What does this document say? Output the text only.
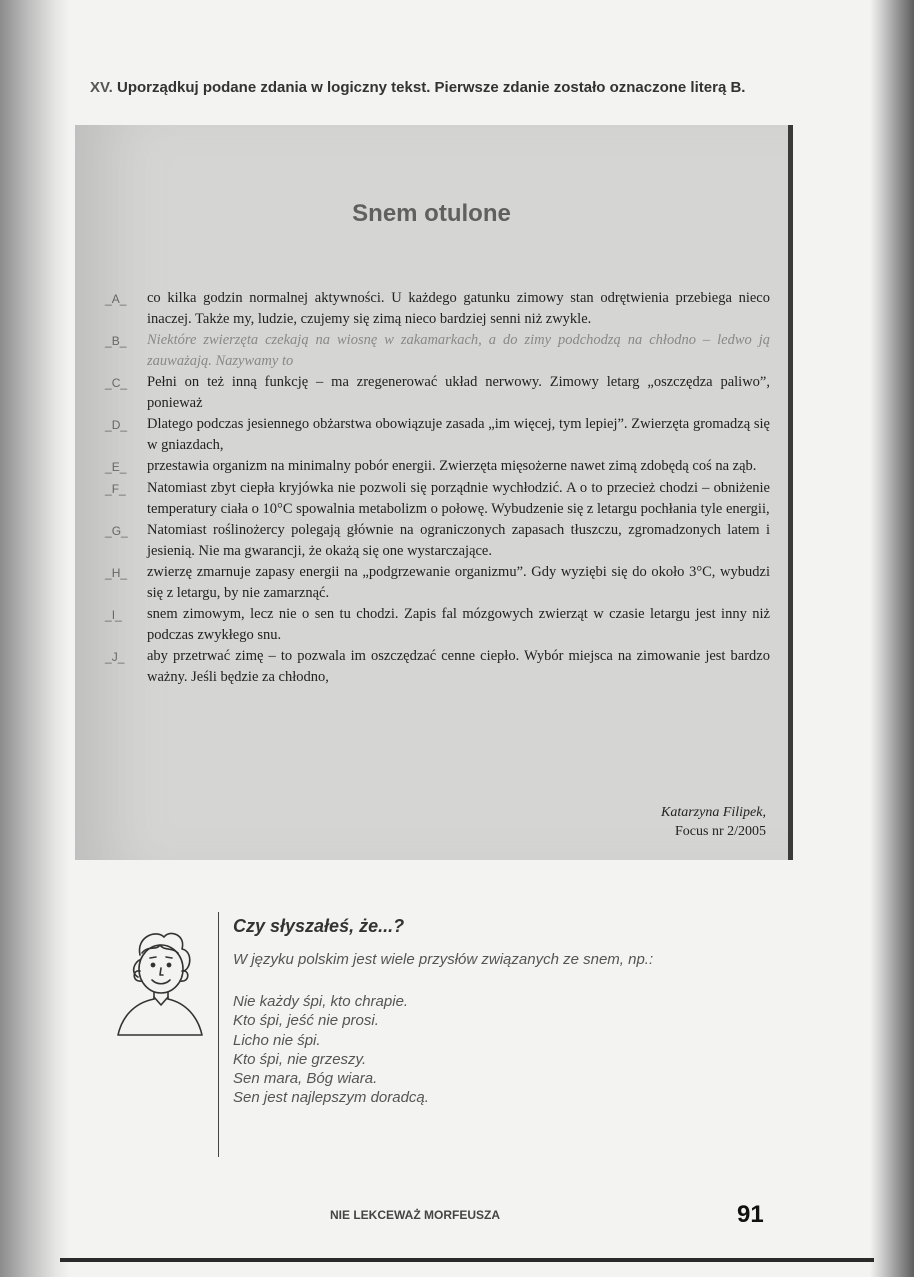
XV. Uporządkuj podane zdania w logiczny tekst. Pierwsze zdanie zostało oznaczone literą B.
Snem otulone
_A_	co kilka godzin normalnej aktywności. U każdego gatunku zimowy stan odrętwienia przebiega nieco inaczej. Także my, ludzie, czujemy się zimą nieco bardziej senni niż zwykle.
_B_	Niektóre zwierzęta czekają na wiosnę w zakamarkach, a do zimy podchodzą na chłodno – ledwo ją zauważają. Nazywamy to
_C_	Pełni on też inną funkcję – ma zregenerować układ nerwowy. Zimowy letarg „oszczędza paliwo”, ponieważ
_D_	Dlatego podczas jesiennego obżarstwa obowiązuje zasada „im więcej, tym lepiej”. Zwierzęta gromadzą się w gniazdach,
_E_	przestawia organizm na minimalny pobór energii. Zwierzęta mięsożerne nawet zimą zdobędą coś na ząb.
_F_	Natomiast zbyt ciepła kryjówka nie pozwoli się porządnie wychłodzić. A o to przecież chodzi – obniżenie temperatury ciała o 10°C spowalnia metabolizm o połowę. Wybudzenie się z letargu pochłania tyle energii,
_G_	Natomiast roślinożercy polegają głównie na ograniczonych zapasach tłuszczu, zgromadzonych latem i jesienią. Nie ma gwarancji, że okażą się one wystarczające.
_H_	zwierzę zmarnuje zapasy energii na „podgrzewanie organizmu”. Gdy wyziębi się do około 3°C, wybudzi się z letargu, by nie zamarznąć.
_I_	snem zimowym, lecz nie o sen tu chodzi. Zapis fal mózgowych zwierząt w czasie letargu jest inny niż podczas zwykłego snu.
_J_	aby przetrwać zimę – to pozwala im oszczędzać cenne ciepło. Wybór miejsca na zimowanie jest bardzo ważny. Jeśli będzie za chłodno,
Katarzyna Filipek,
Focus nr 2/2005
Czy słyszałeś, że...?
W języku polskim jest wiele przysłów związanych ze snem, np.:
Nie każdy śpi, kto chrapie.
Kto śpi, jeść nie prosi.
Licho nie śpi.
Kto śpi, nie grzeszy.
Sen mara, Bóg wiara.
Sen jest najlepszym doradcą.
NIE LEKCEWAŻ MORFEUSZA	91
